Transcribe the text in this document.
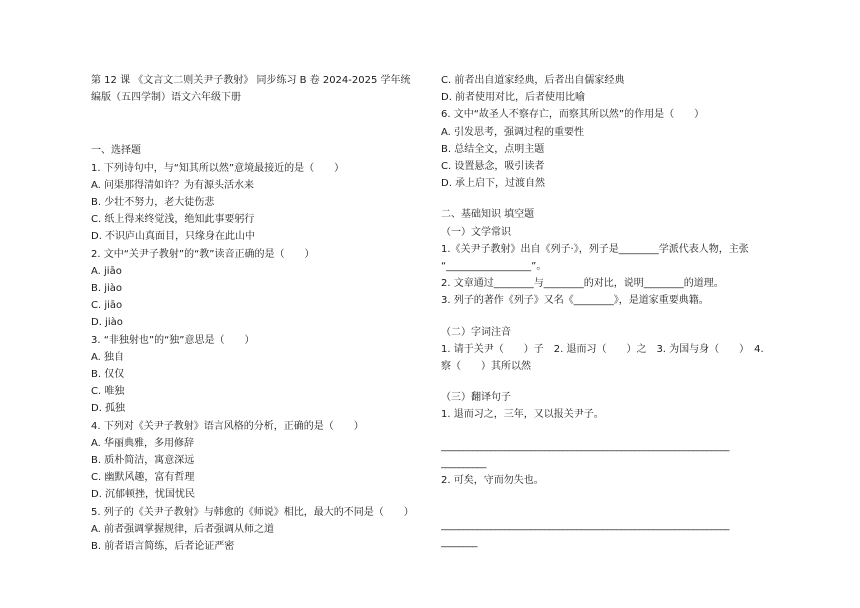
第 12 课 《文言文二则关尹子教射》 同步练习 B 卷 2024-2025 学年统
编版（五四学制）语文六年级下册
一、选择题
1. 下列诗句中，与“知其所以然”意境最接近的是（　　）
A. 问渠那得清如许？为有源头活水来
B. 少壮不努力，老大徒伤悲
C. 纸上得来终觉浅，绝知此事要躬行
D. 不识庐山真面目，只缘身在此山中
2. 文中“关尹子教射”的“教”读音正确的是（　　）
A. jiāo
B. jiào
C. jiāo
D. jiào
3. “非独射也”的“独”意思是（　　）
A. 独自
B. 仅仅
C. 唯独
D. 孤独
4. 下列对《关尹子教射》语言风格的分析，正确的是（　　）
A. 华丽典雅，多用修辞
B. 质朴简洁，寓意深远
C. 幽默风趣，富有哲理
D. 沉郁顿挫，忧国忧民
5. 列子的《关尹子教射》与韩愈的《师说》相比，最大的不同是（　　）
A. 前者强调掌握规律，后者强调从师之道
B. 前者语言简练，后者论证严密
C. 前者出自道家经典，后者出自儒家经典
D. 前者使用对比，后者使用比喻
6. 文中“故圣人不察存亡，而察其所以然”的作用是（　　）
A. 引发思考，强调过程的重要性
B. 总结全文，点明主题
C. 设置悬念，吸引读者
D. 承上启下，过渡自然
二、基础知识 填空题
（一）文学常识
1.《关尹子教射》出自《列子·》，列子是________学派代表人物，主张
“_________________”。
2. 文章通过________与________的对比，说明________的道理。
3. 列子的著作《列子》又名《________》，是道家重要典籍。
（二）字词注音
1. 请于关尹（　　）子　2. 退而习（　　）之　3. 为国与身（　　）　4.
察（　　）其所以然
（三）翻译句子
1. 退而习之，三年，又以报关尹子。
________________________________________________________________
__________
2. 可矣，守而勿失也。
________________________________________________________________
________
